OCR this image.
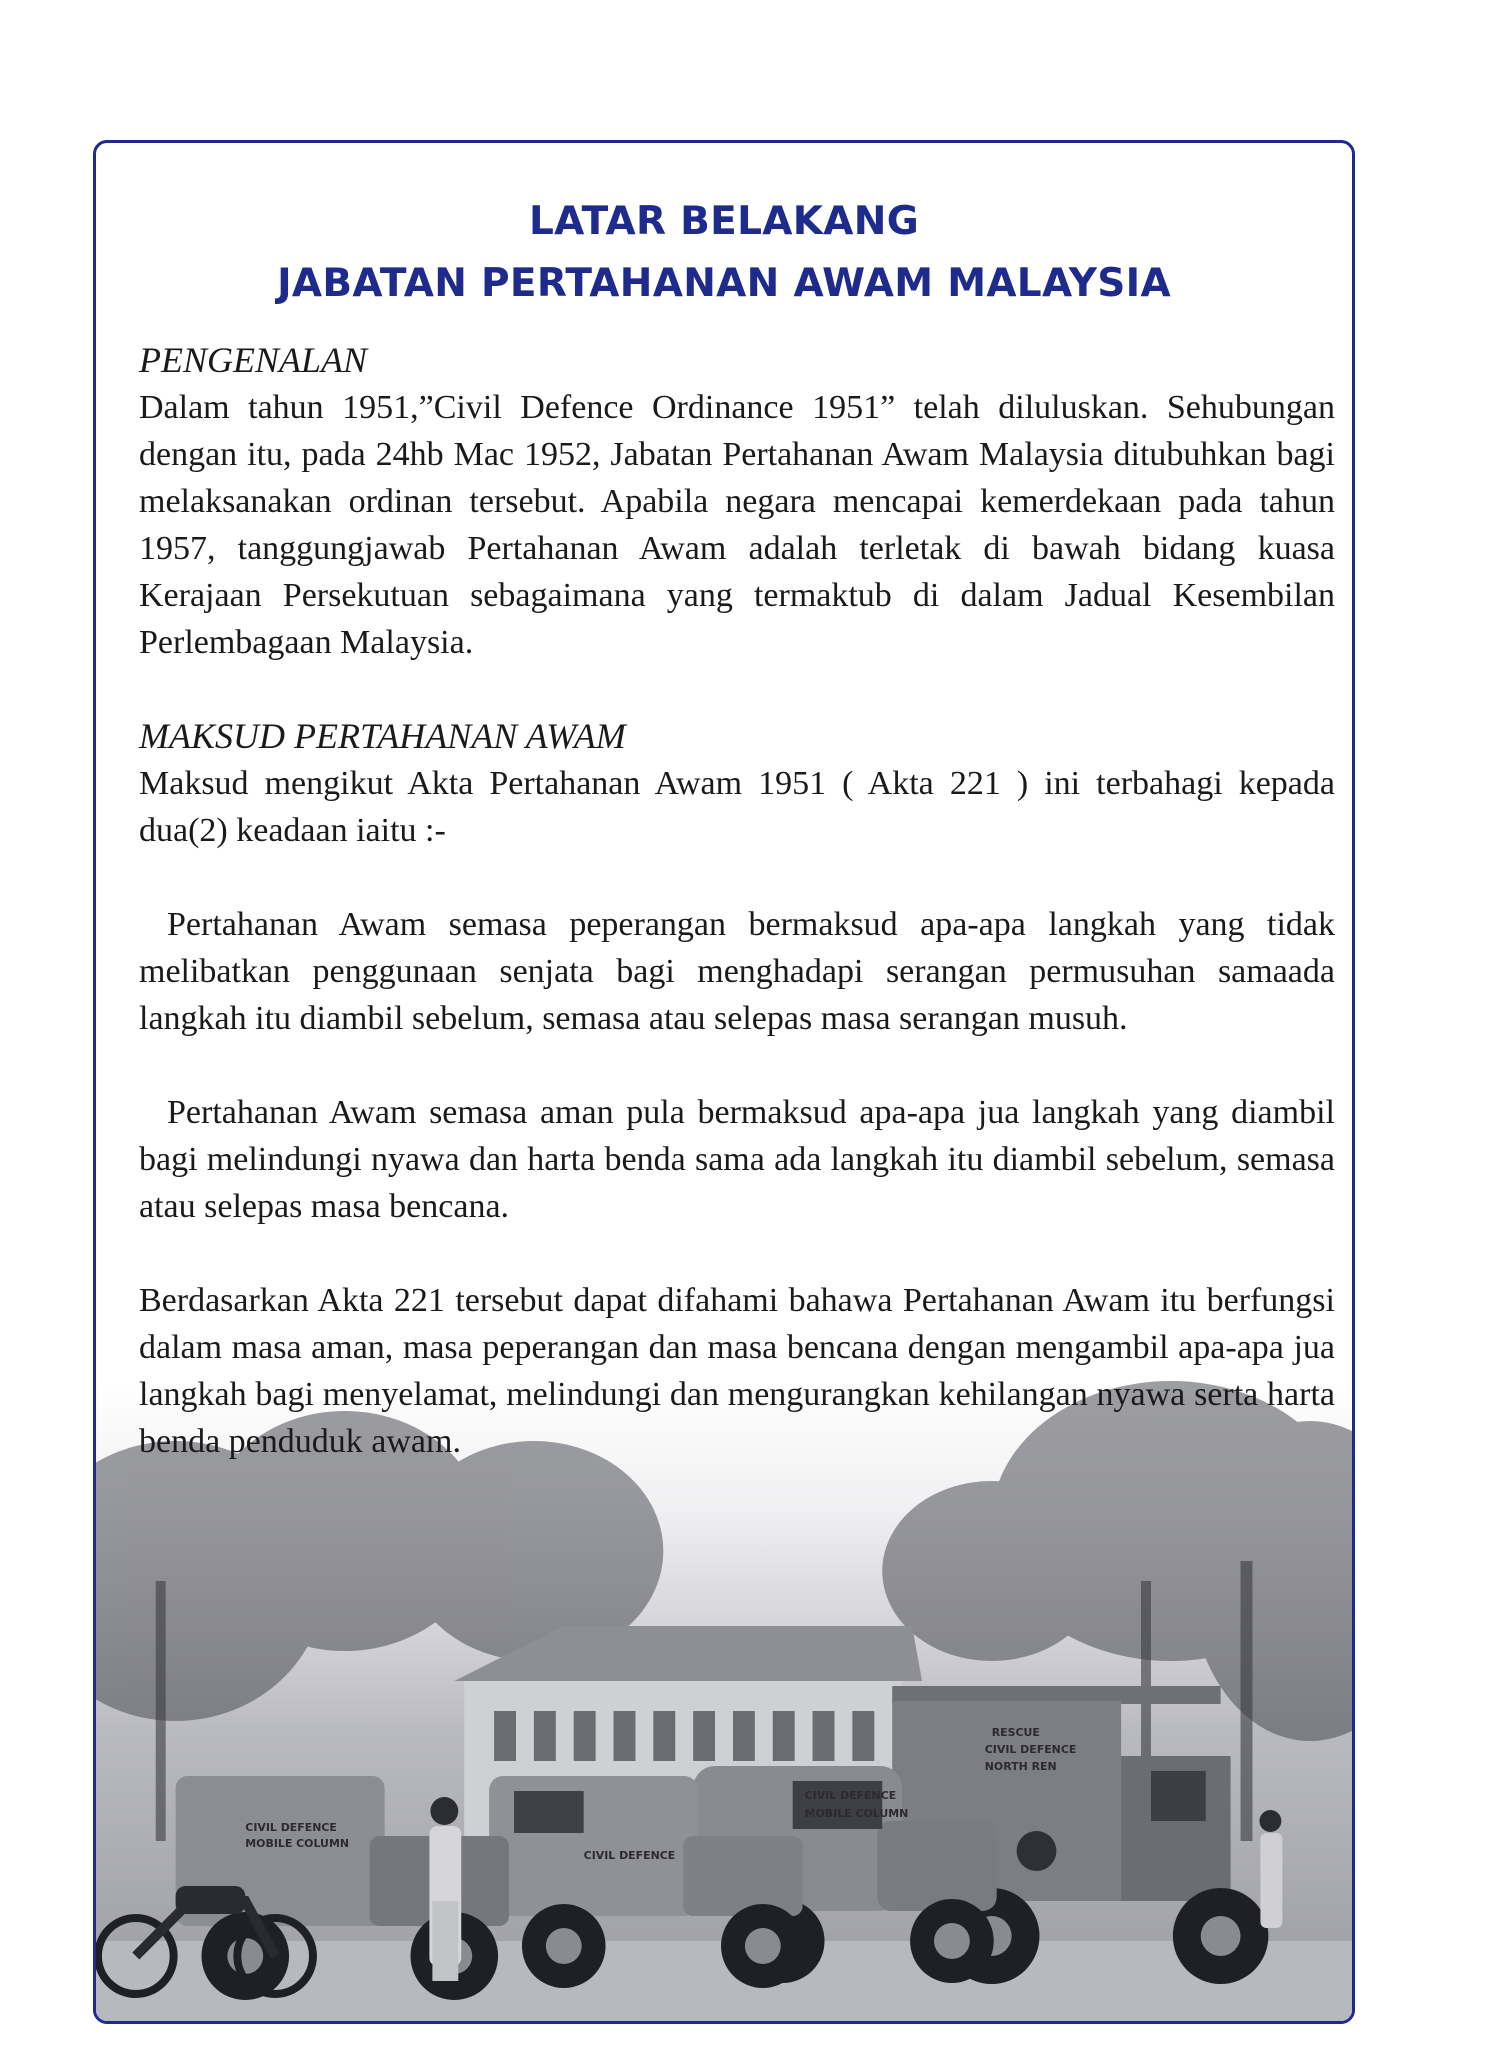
RESCUE
CIVIL DEFENCE
NORTH REN
CIVIL DEFENCE
MOBILE COLUMN
CIVIL DEFENCE
CIVIL DEFENCE
MOBILE COLUMN
LATAR BELAKANG
JABATAN PERTAHANAN AWAM MALAYSIA
PENGENALAN

Dalam tahun 1951,”Civil Defence Ordinance 1951” telah diluluskan. Sehubungan dengan itu, pada 24hb Mac 1952, Jabatan Pertahanan Awam Malaysia ditubuhkan bagi melaksanakan ordinan tersebut. Apabila negara mencapai kemerdekaan pada tahun 1957, tanggungjawab Pertahanan Awam adalah terletak di bawah bidang kuasa Kerajaan Persekutuan sebagaimana yang termaktub di dalam Jadual Kesembilan Perlembagaan Malaysia.

MAKSUD PERTAHANAN AWAM

Maksud mengikut Akta Pertahanan Awam 1951 ( Akta 221 ) ini terbahagi kepada dua(2) keadaan iaitu :-

Pertahanan Awam semasa peperangan bermaksud apa-apa langkah yang tidak melibatkan penggunaan senjata bagi menghadapi serangan permusuhan samaada langkah itu diambil sebelum, semasa atau selepas masa serangan musuh.

Pertahanan Awam semasa aman pula bermaksud apa-apa jua langkah yang diambil bagi melindungi nyawa dan harta benda sama ada langkah itu diambil sebelum, semasa atau selepas masa bencana.

Berdasarkan Akta 221 tersebut dapat difahami bahawa Pertahanan Awam itu berfungsi dalam masa aman, masa peperangan dan masa bencana dengan mengambil apa-apa jua langkah bagi menyelamat, melindungi dan mengurangkan kehilangan nyawa serta harta benda penduduk awam.
